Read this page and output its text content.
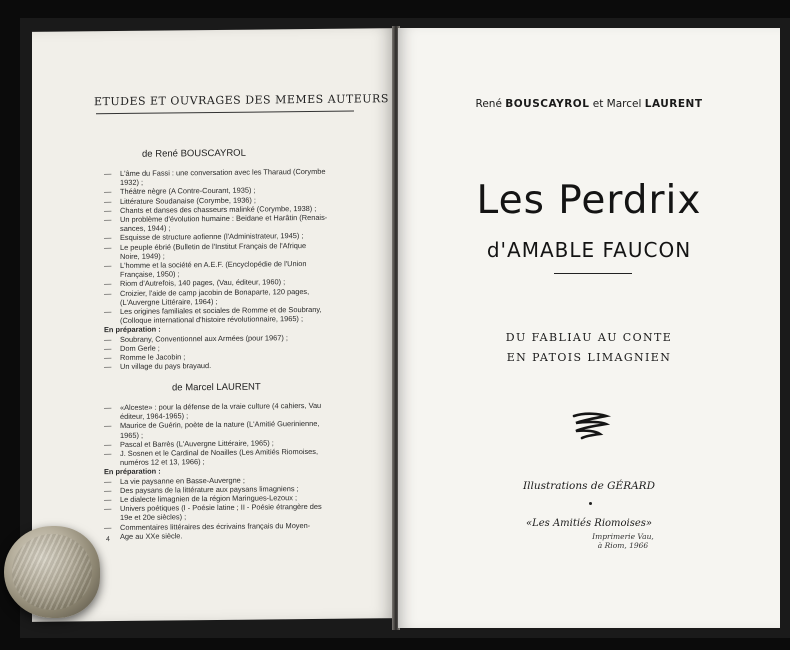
ETUDES ET OUVRAGES DES MEMES AUTEURS
de René BOUSCAYROL
— L'âme du Fassi : une conversation avec les Tharaud (Corymbe
1932) ;
— Théâtre nègre (A Contre-Courant, 1935) ;
— Littérature Soudanaise (Corymbe, 1936) ;
— Chants et danses des chasseurs malinké (Corymbe, 1938) ;
— Un problème d'évolution humaine : Beidane et Harâtin (Renais-
sances, 1944) ;
— Esquisse de structure aofienne (l'Administrateur, 1945) ;
— Le peuple ébrié (Bulletin de l'Institut Français de l'Afrique
Noire, 1949) ;
— L'homme et la société en A.E.F. (Encyclopédie de l'Union
Française, 1950) ;
— Riom d'Autrefois, 140 pages, (Vau, éditeur, 1960) ;
— Croizier, l'aide de camp jacobin de Bonaparte, 120 pages,
(L'Auvergne Littéraire, 1964) ;
— Les origines familiales et sociales de Romme et de Soubrany,
(Colloque international d'histoire révolutionnaire, 1965) ;
En préparation :
— Soubrany, Conventionnel aux Armées (pour 1967) ;
— Dom Gerle ;
— Romme le Jacobin ;
— Un village du pays brayaud.
de Marcel LAURENT
— «Alceste» : pour la défense de la vraie culture (4 cahiers, Vau
éditeur, 1964-1965) ;
— Maurice de Guérin, poète de la nature (L'Amitié Guerinienne,
1965) ;
— Pascal et Barrès (L'Auvergne Littéraire, 1965) ;
— J. Sosnen et le Cardinal de Noailles (Les Amitiés Riomoises,
numéros 12 et 13, 1966) ;
En préparation :
— La vie paysanne en Basse-Auvergne ;
— Des paysans de la littérature aux paysans limagniens ;
— Le dialecte limagnien de la région Maringues-Lezoux ;
— Univers poétiques (I - Poésie latine ; II - Poésie étrangère des
19e et 20e siècles) ;
— Commentaires littéraires des écrivains français du Moyen-
Age au XXe siècle.
4
René BOUSCAYROL et Marcel LAURENT
Les Perdrix
d'AMABLE FAUCON
DU FABLIAU AU CONTE
EN PATOIS LIMAGNIEN
Illustrations de GÉRARD
«Les Amitiés Riomoises»
Imprimerie Vau,
à Riom, 1966
